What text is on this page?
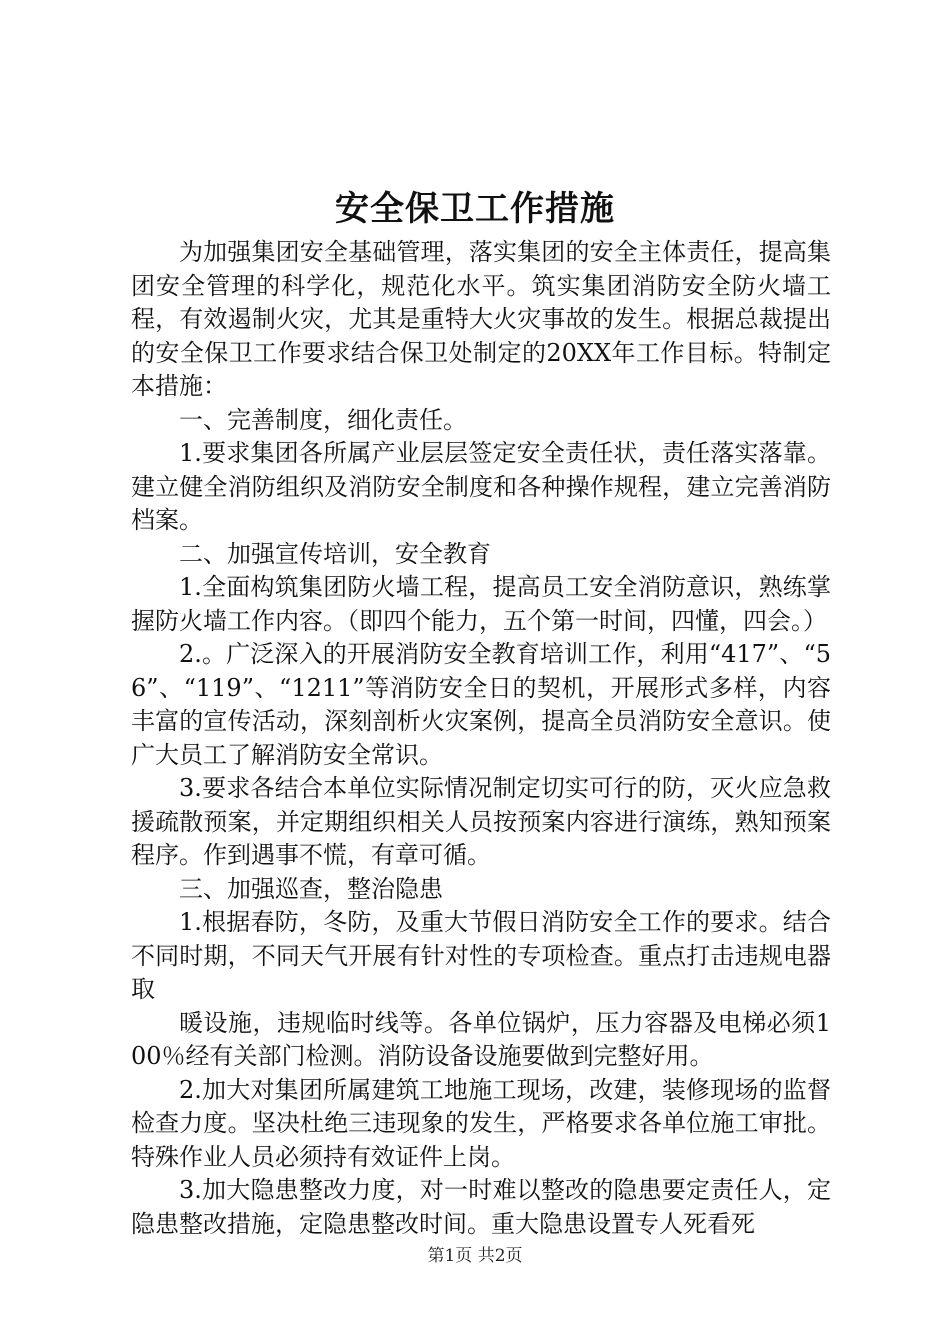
安全保卫工作措施

为加强集团安全基础管理，落实集团的安全主体责任，提高集团安全管理的科学化，规范化水平。筑实集团消防安全防火墙工程，有效遏制火灾，尤其是重特大火灾事故的发生。根据总裁提出的安全保卫工作要求结合保卫处制定的20XX年工作目标。特制定本措施：

一、完善制度，细化责任。

1.要求集团各所属产业层层签定安全责任状，责任落实落靠。建立健全消防组织及消防安全制度和各种操作规程，建立完善消防档案。

二、加强宣传培训，安全教育

1.全面构筑集团防火墙工程，提高员工安全消防意识，熟练掌握防火墙工作内容。（即四个能力，五个第一时间，四懂，四会。）

2.。广泛深入的开展消防安全教育培训工作，利用“417”、“56”、“119”、“1211”等消防安全日的契机，开展形式多样，内容丰富的宣传活动，深刻剖析火灾案例，提高全员消防安全意识。使广大员工了解消防安全常识。

3.要求各结合本单位实际情况制定切实可行的防，灭火应急救援疏散预案，并定期组织相关人员按预案内容进行演练，熟知预案程序。作到遇事不慌，有章可循。

三、加强巡查，整治隐患

1.根据春防，冬防，及重大节假日消防安全工作的要求。结合不同时期，不同天气开展有针对性的专项检查。重点打击违规电器取

暖设施，违规临时线等。各单位锅炉，压力容器及电梯必须100％经有关部门检测。消防设备设施要做到完整好用。

2.加大对集团所属建筑工地施工现场，改建，装修现场的监督检查力度。坚决杜绝三违现象的发生，严格要求各单位施工审批。特殊作业人员必须持有效证件上岗。

3.加大隐患整改力度，对一时难以整改的隐患要定责任人，定隐患整改措施，定隐患整改时间。重大隐患设置专人死看死

第1页 共2页
